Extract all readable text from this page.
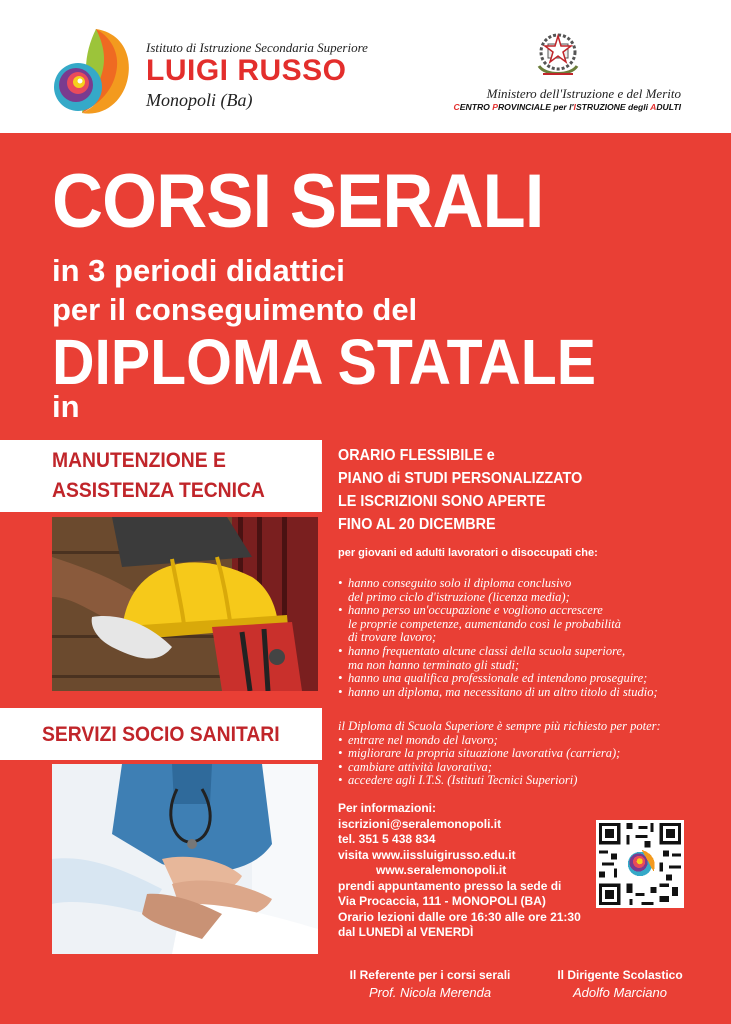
Istituto di Istruzione Secondaria Superiore
LUIGI RUSSO
Monopoli (Ba)	Ministero dell'Istruzione e del Merito
CENTRO PROVINCIALE per l'ISTRUZIONE degli ADULTI
CORSI SERALI
in 3 periodi didattici
per il conseguimento del
DIPLOMA STATALE
in
MANUTENZIONE E
ASSISTENZA TECNICA
SERVIZI SOCIO SANITARI
ORARIO FLESSIBILE e
PIANO di STUDI PERSONALIZZATO
LE ISCRIZIONI SONO APERTE
FINO AL 20 DICEMBRE
per giovani ed adulti lavoratori o disoccupati che:
• hanno conseguito solo il diploma conclusivo
del primo ciclo d'istruzione (licenza media);
• hanno perso un'occupazione e vogliono accrescere
le proprie competenze, aumentando così le probabilità
di trovare lavoro;
• hanno frequentato alcune classi della scuola superiore,
ma non hanno terminato gli studi;
• hanno una qualifica professionale ed intendono proseguire;
• hanno un diploma, ma necessitano di un altro titolo di studio;
il Diploma di Scuola Superiore è sempre più richiesto per poter:
• entrare nel mondo del lavoro;
• migliorare la propria situazione lavorativa (carriera);
• cambiare attività lavorativa;
• accedere agli I.T.S. (Istituti Tecnici Superiori)
Per informazioni:
iscrizioni@seralemonopoli.it
tel. 351 5 438 834
visita www.iissluigirusso.edu.it
www.seralemonopoli.it
prendi appuntamento presso la sede di
Via Procaccia, 111 - MONOPOLI (BA)
Orario lezioni dalle ore 16:30 alle ore 21:30
dal LUNEDÌ al VENERDÌ
Il Referente per i corsi serali
Prof. Nicola Merenda
Il Dirigente Scolastico
Adolfo Marciano
